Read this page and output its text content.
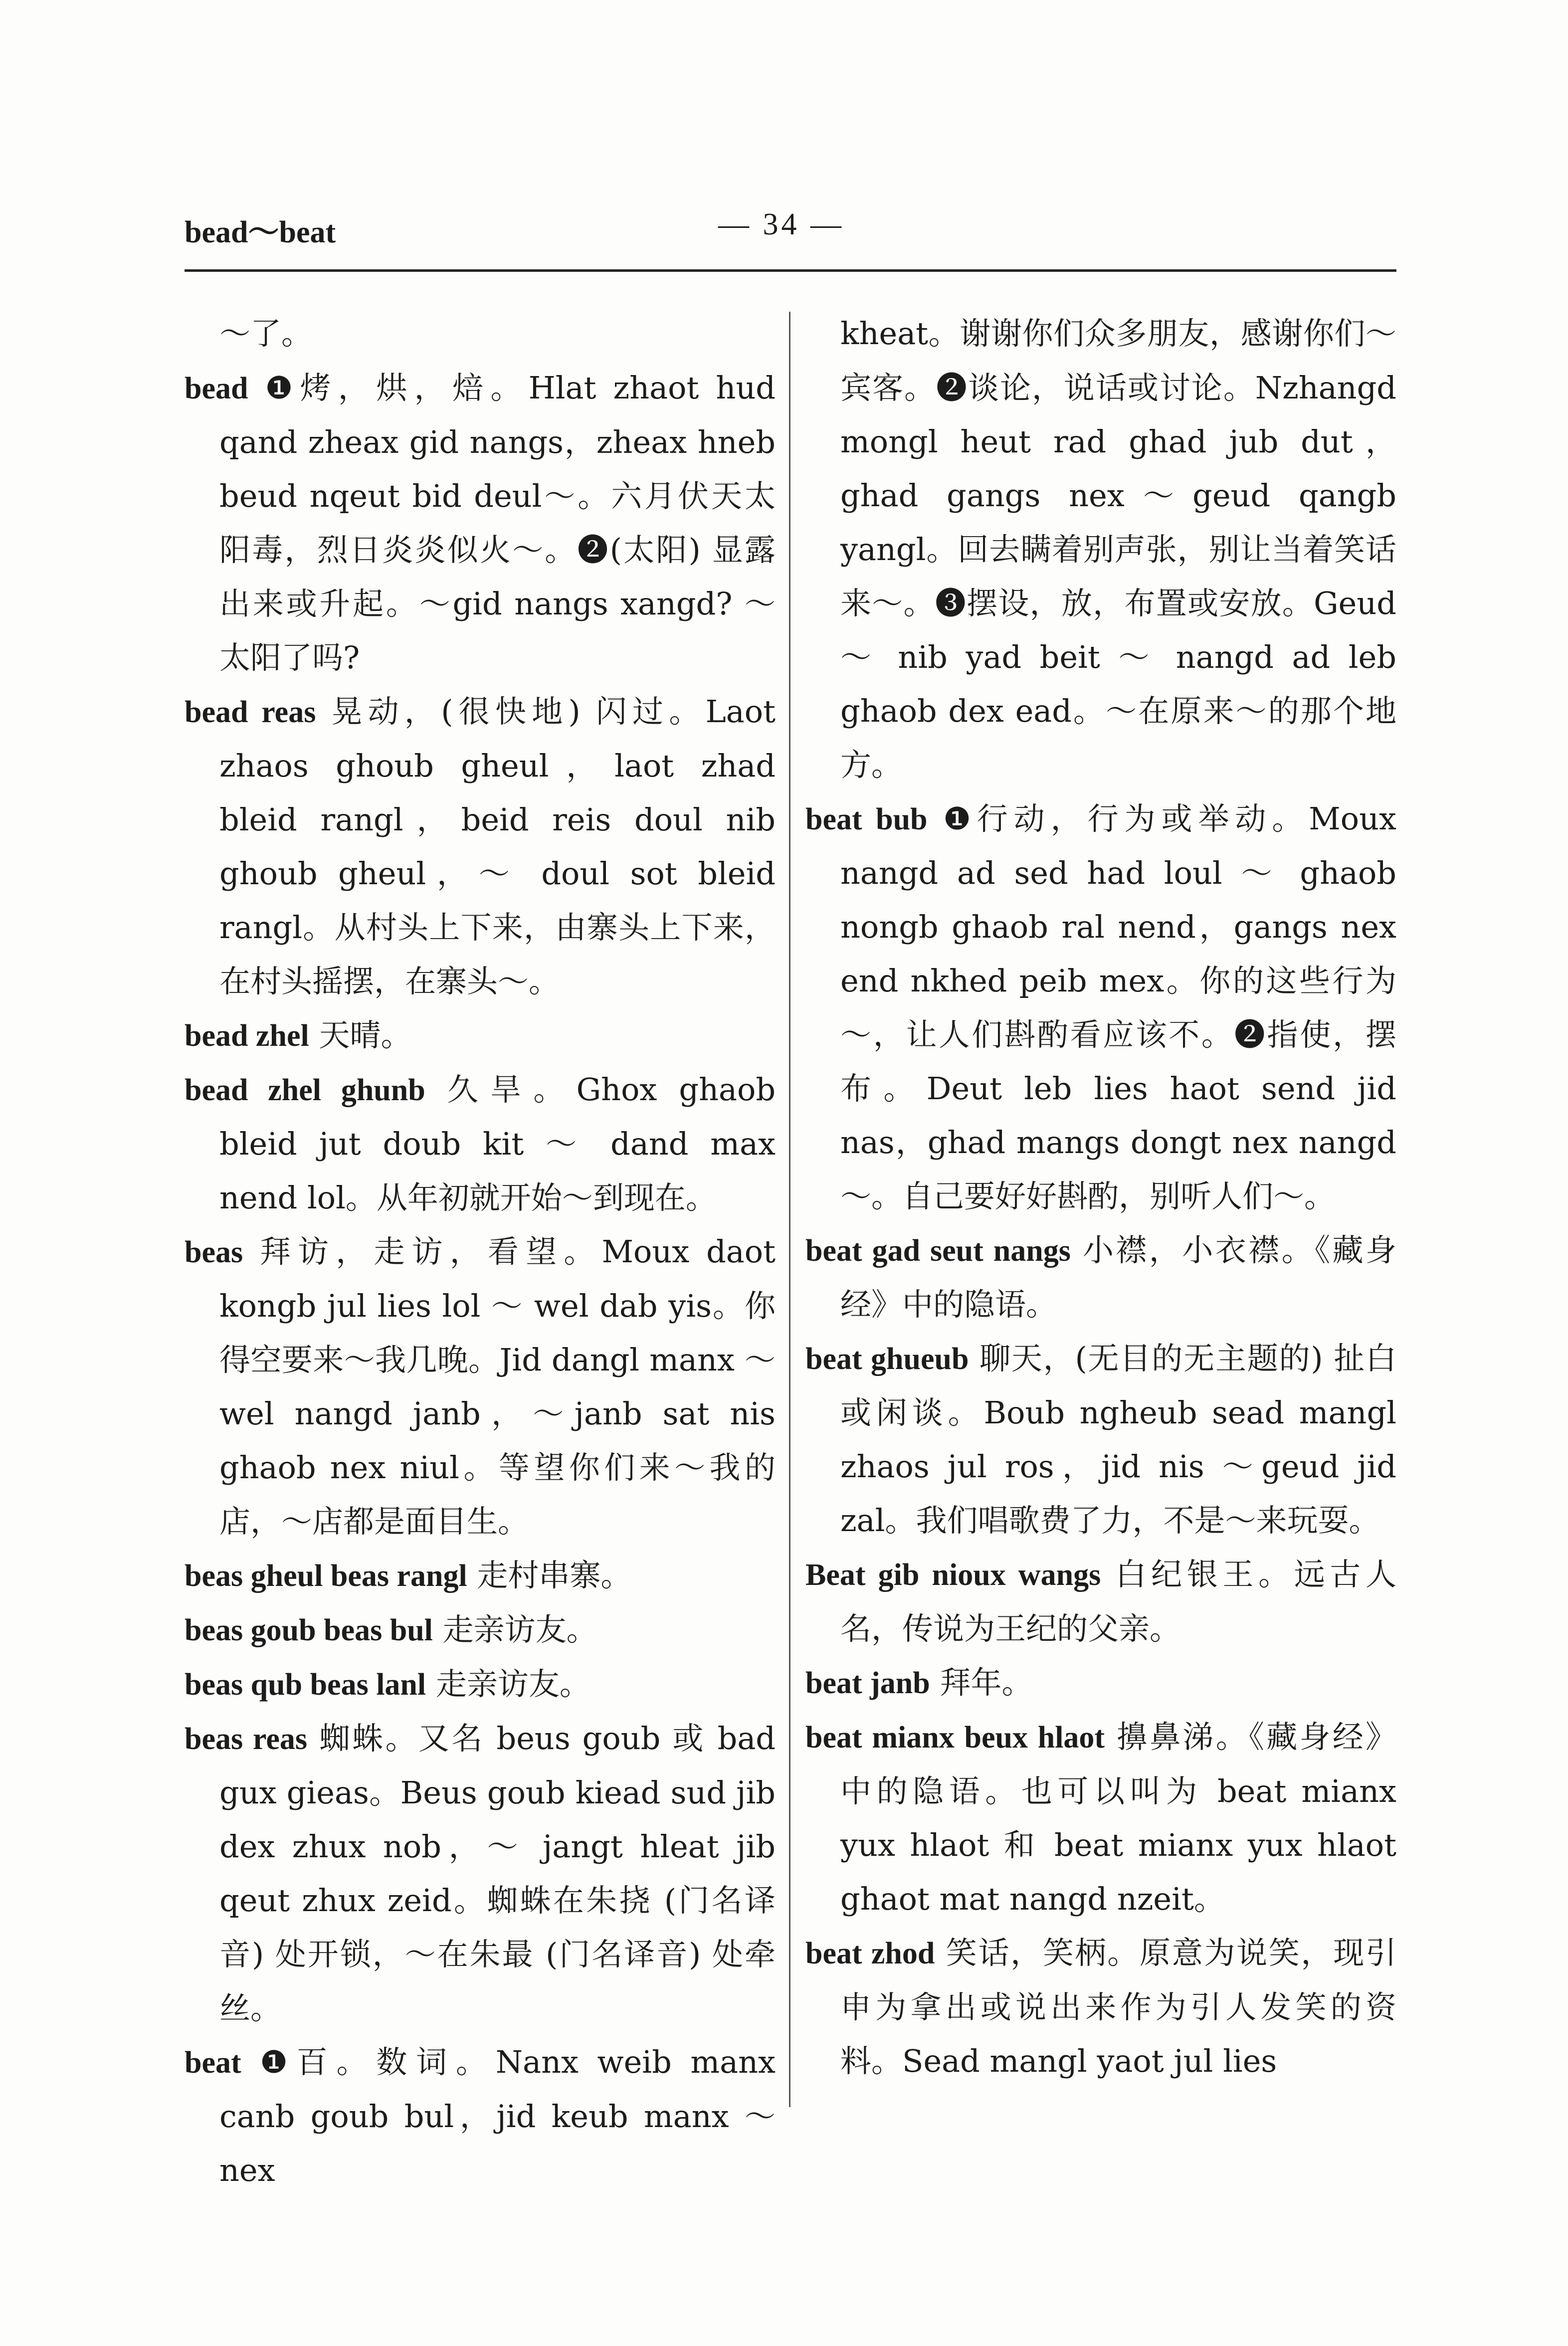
bead～beat	— 34 —

～了。

bead ❶烤，烘，焙。Hlat zhaot hud qand zheax gid nangs，zheax hneb beud nqeut bid deul～。六月伏天太阳毒，烈日炎炎似火～。❷(太阳) 显露出来或升起。～gid nangs xangd? ～太阳了吗?

bead reas 晃动，(很快地) 闪过。Laot zhaos ghoub gheul，laot zhad bleid rangl，beid reis doul nib ghoub gheul，～ doul sot bleid rangl。从村头上下来，由寨头上下来，在村头摇摆，在寨头～。

bead zhel 天晴。

bead zhel ghunb 久旱。Ghox ghaob bleid jut doub kit ～ dand max nend lol。从年初就开始～到现在。

beas 拜访，走访，看望。Moux daot kongb jul lies lol ～ wel dab yis。你得空要来～我几晚。Jid dangl manx ～ wel nangd janb，～janb sat nis ghaob nex niul。等望你们来～我的店，～店都是面目生。

beas gheul beas rangl 走村串寨。

beas goub beas bul 走亲访友。

beas qub beas lanl 走亲访友。

beas reas 蜘蛛。又名 beus goub 或 bad gux gieas。Beus goub kiead sud jib dex zhux nob，～ jangt hleat jib qeut zhux zeid。蜘蛛在朱挠 (门名译音) 处开锁，～在朱最 (门名译音) 处牵丝。

beat ❶百。数词。Nanx weib manx canb goub bul，jid keub manx ～ nex

kheat。谢谢你们众多朋友，感谢你们～宾客。❷谈论，说话或讨论。Nzhangd mongl heut rad ghad jub dut，ghad gangs nex～geud qangb yangl。回去瞒着别声张，别让当着笑话来～。❸摆设，放，布置或安放。Geud ～ nib yad beit ～ nangd ad leb ghaob dex ead。～在原来～的那个地方。

beat bub ❶行动，行为或举动。Moux nangd ad sed had loul ～ ghaob nongb ghaob ral nend，gangs nex end nkhed peib mex。你的这些行为～，让人们斟酌看应该不。❷指使，摆布。Deut leb lies haot send jid nas，ghad mangs dongt nex nangd ～。自己要好好斟酌，别听人们～。

beat gad seut nangs 小襟，小衣襟。《藏身经》中的隐语。

beat ghueub 聊天，(无目的无主题的) 扯白或闲谈。Boub ngheub sead mangl zhaos jul ros，jid nis ～geud jid zal。我们唱歌费了力，不是～来玩耍。

Beat gib nioux wangs 白纪银王。远古人名，传说为王纪的父亲。

beat janb 拜年。

beat mianx beux hlaot 擤鼻涕。《藏身经》中的隐语。也可以叫为 beat mianx yux hlaot 和 beat mianx yux hlaot ghaot mat nangd nzeit。

beat zhod 笑话，笑柄。原意为说笑，现引申为拿出或说出来作为引人发笑的资料。Sead mangl yaot jul lies
